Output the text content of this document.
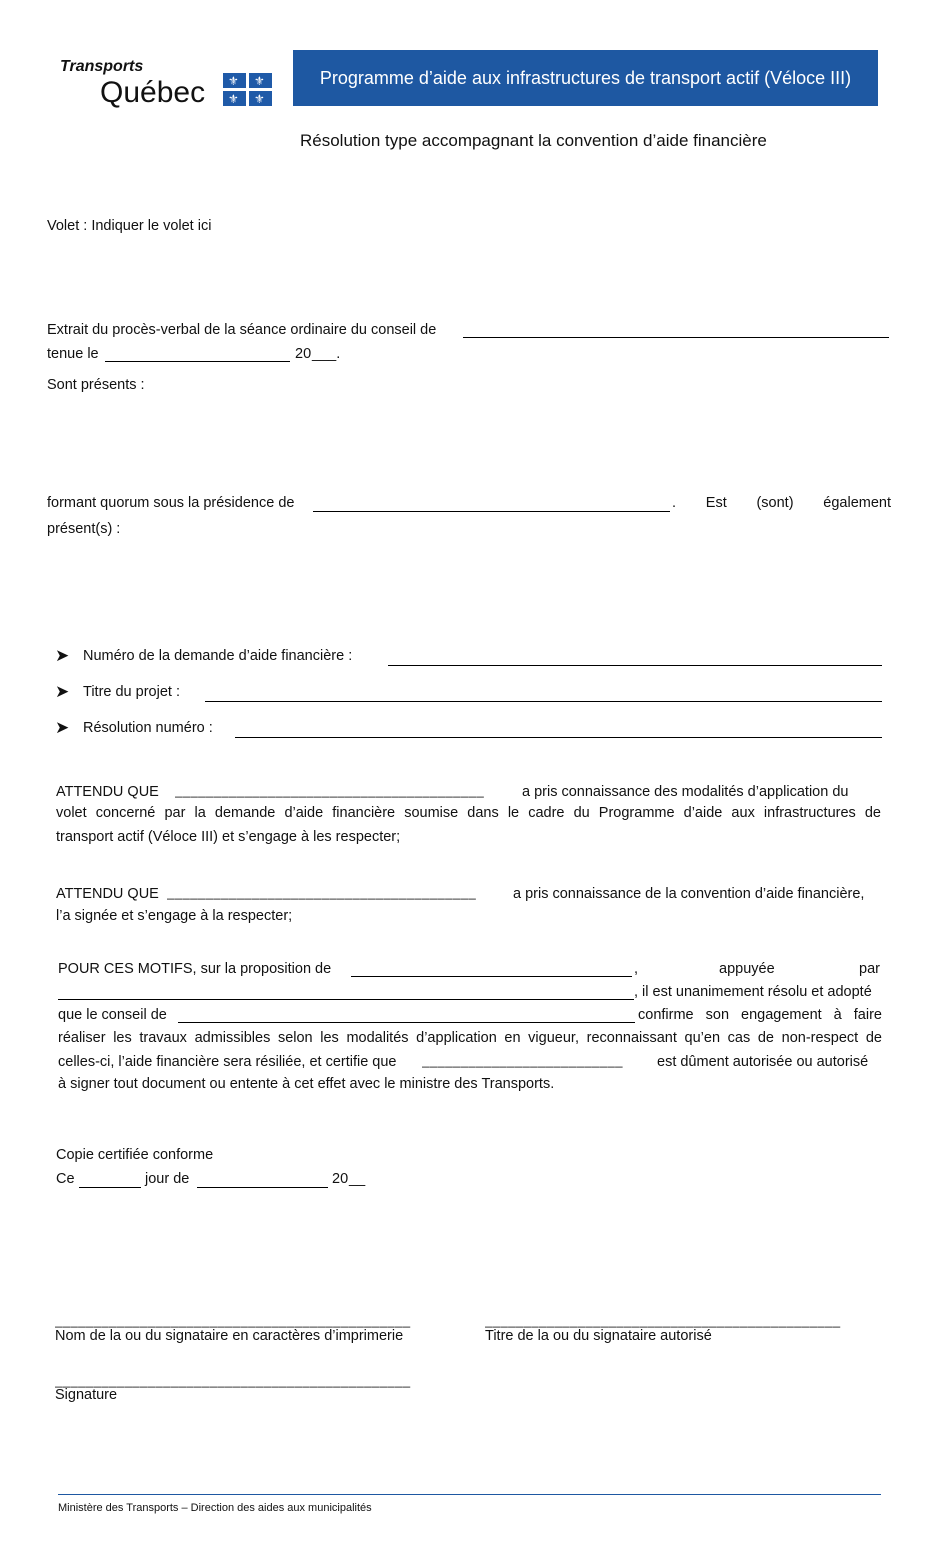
Transports
Québec ⚜ ⚜
⚜ ⚜
Programme d’aide aux infrastructures de transport actif (Véloce III)
Résolution type accompagnant la convention d’aide financière
Volet : Indiquer le volet ici
Extrait du procès-verbal de la séance ordinaire du conseil de
tenue le	20 ___.
Sont présents :
formant quorum sous la présidence de	. Est (sont) également
présent(s) :
➤ Numéro de la demande d’aide financière :
➤ Titre du projet :
➤ Résolution numéro :
ATTENDU QUE ________________________________________	a pris connaissance des modalités d’application du
volet concerné par la demande d’aide financière soumise dans le cadre du Programme d’aide aux infrastructures de
transport actif (Véloce III) et s’engage à les respecter;
ATTENDU QUE ________________________________________	a pris connaissance de la convention d’aide financière,
l’a signée et s’engage à la respecter;
POUR CES MOTIFS, sur la proposition de	,	appuyée	par
, il est unanimement résolu et adopté
que le conseil de	confirme son engagement à faire
réaliser les travaux admissibles selon les modalités d’application en vigueur, reconnaissant qu’en cas de non-respect de
celles-ci, l’aide financière sera résiliée, et certifie que __________________________	est dûment autorisée ou autorisé
à signer tout document ou entente à cet effet avec le ministre des Transports.
Copie certifiée conforme
Ce	jour de	20 __
______________________________________________
Nom de la ou du signataire en caractères d’imprimerie
______________________________________________
Titre de la ou du signataire autorisé
______________________________________________
Signature
Ministère des Transports – Direction des aides aux municipalités
